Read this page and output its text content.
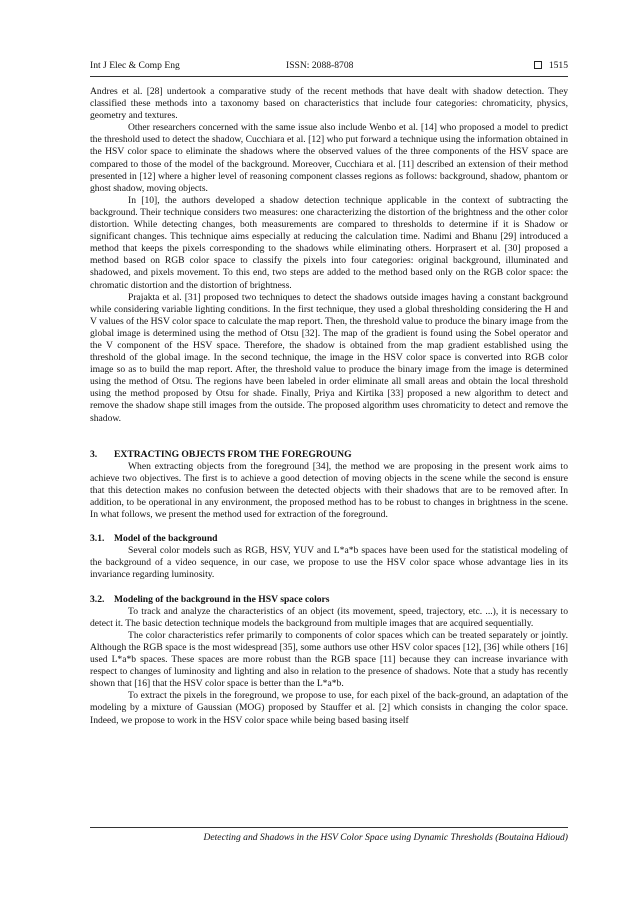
Int J Elec & Comp Eng	ISSN: 2088-8708	1515

Andres et al. [28] undertook a comparative study of the recent methods that have dealt with shadow detection. They classified these methods into a taxonomy based on characteristics that include four categories: chromaticity, physics, geometry and textures.

Other researchers concerned with the same issue also include Wenbo et al. [14] who proposed a model to predict the threshold used to detect the shadow, Cucchiara et al. [12] who put forward a technique using the information obtained in the HSV color space to eliminate the shadows where the observed values of the three components of the HSV space are compared to those of the model of the background. Moreover, Cucchiara et al. [11] described an extension of their method presented in [12] where a higher level of reasoning component classes regions as follows: background, shadow, phantom or ghost shadow, moving objects.

In [10], the authors developed a shadow detection technique applicable in the context of subtracting the background. Their technique considers two measures: one characterizing the distortion of the brightness and the other color distortion. While detecting changes, both measurements are compared to thresholds to determine if it is Shadow or significant changes. This technique aims especially at reducing the calculation time. Nadimi and Bhanu [29] introduced a method that keeps the pixels corresponding to the shadows while eliminating others. Horprasert et al. [30] proposed a method based on RGB color space to classify the pixels into four categories: original background, illuminated and shadowed, and pixels movement. To this end, two steps are added to the method based only on the RGB color space: the chromatic distortion and the distortion of brightness.

Prajakta et al. [31] proposed two techniques to detect the shadows outside images having a constant background while considering variable lighting conditions. In the first technique, they used a global thresholding considering the H and V values of the HSV color space to calculate the map report. Then, the threshold value to produce the binary image from the global image is determined using the method of Otsu [32]. The map of the gradient is found using the Sobel operator and the V component of the HSV space. Therefore, the shadow is obtained from the map gradient established using the threshold of the global image. In the second technique, the image in the HSV color space is converted into RGB color image so as to build the map report. After, the threshold value to produce the binary image from the image is determined using the method of Otsu. The regions have been labeled in order eliminate all small areas and obtain the local threshold using the method proposed by Otsu for shade. Finally, Priya and Kirtika [33] proposed a new algorithm to detect and remove the shadow shape still images from the outside. The proposed algorithm uses chromaticity to detect and remove the shadow.

3. EXTRACTING OBJECTS FROM THE FOREGROUNG

When extracting objects from the foreground [34], the method we are proposing in the present work aims to achieve two objectives. The first is to achieve a good detection of moving objects in the scene while the second is ensure that this detection makes no confusion between the detected objects with their shadows that are to be removed after. In addition, to be operational in any environment, the proposed method has to be robust to changes in brightness in the scene. In what follows, we present the method used for extraction of the foreground.

3.1. Model of the background

Several color models such as RGB, HSV, YUV and L*a*b spaces have been used for the statistical modeling of the background of a video sequence, in our case, we propose to use the HSV color space whose advantage lies in its invariance regarding luminosity.

3.2. Modeling of the background in the HSV space colors

To track and analyze the characteristics of an object (its movement, speed, trajectory, etc. ...), it is necessary to detect it. The basic detection technique models the background from multiple images that are acquired sequentially.

The color characteristics refer primarily to components of color spaces which can be treated separately or jointly. Although the RGB space is the most widespread [35], some authors use other HSV color spaces [12], [36] while others [16] used L*a*b spaces. These spaces are more robust than the RGB space [11] because they can increase invariance with respect to changes of luminosity and lighting and also in relation to the presence of shadows. Note that a study has recently shown that [16] that the HSV color space is better than the L*a*b.

To extract the pixels in the foreground, we propose to use, for each pixel of the back-ground, an adaptation of the modeling by a mixture of Gaussian (MOG) proposed by Stauffer et al. [2] which consists in changing the color space. Indeed, we propose to work in the HSV color space while being based basing itself

Detecting and Shadows in the HSV Color Space using Dynamic Thresholds (Boutaina Hdioud)
